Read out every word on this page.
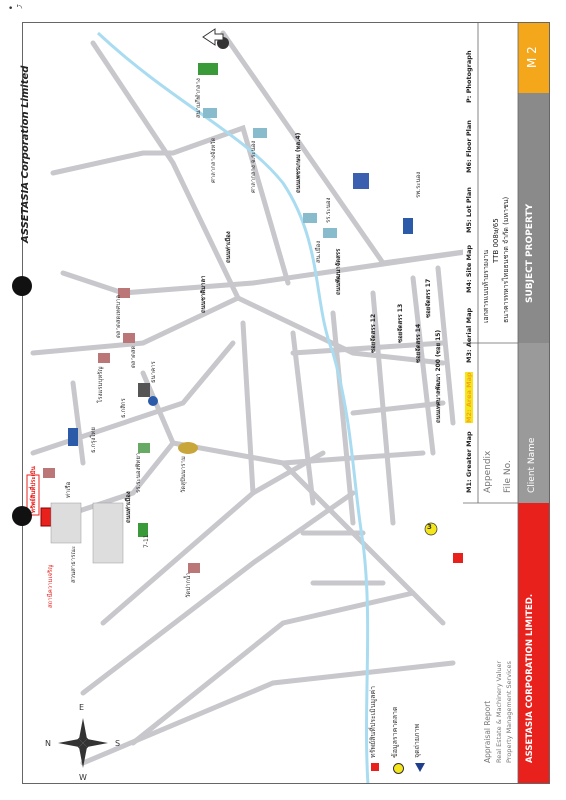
• '◝
สนามกีฬากลาง
ศาลากลางจังหวัด	ศาลากลาง จ.ระนอง	ถนนเพชรเกษม (ทล.4)
สน.เมือง
รพ.ระนอง
ถนนพัฒนาจัดสรร
ถนนชาติมาลา
ถนนท่าเมือง
ตลาดสดเทศบาล
ตลาดสด
ธนาคาร
โรงแรมบุหรัญ
ธ.กสิกร
ธ.กรุงไทย
วัดสุปันนาราม
รร.ระนองพิทยา
ท่าเรือ
ถนนท่าเมือง
ทรัพย์สินที่ประเมิน
สถานีความเจริญ
สวนสาธารณะ
7-11
วัดปากน้ำ
ซอยจัดสรร 12	ซอยจัดสรร 13
ซอยจัดสรร 14
ซอยจัดสรร 17
ถนนเทศบาลพัฒนา 200 (ซอย 15)
รร.ระนอง
3
ทรัพย์สินที่ประเมินมูลค่า ข้อมูลราคาตลาด จุดถ่ายภาพ
N	S
E
W
ASSETASIA CORPORATION LIMITED.
Appraisal Report Real Estate & Machinery Valuer Property Management Services
Client Name
File No.
Appendix
SUBJECT PROPERTY
ธนาคารทหารไทยธนชาต จำกัด (มหาชน)
TTB 008ษ/65
เอกสารแนบท้ายรายงาน
M 2
M1: Greater Map
M2: Area Map
M3: Aerial Map
M4: Site Map
M5: Lot Plan
M6: Floor Plan
P: Photograph
ASSETASIA Corporation Limited
